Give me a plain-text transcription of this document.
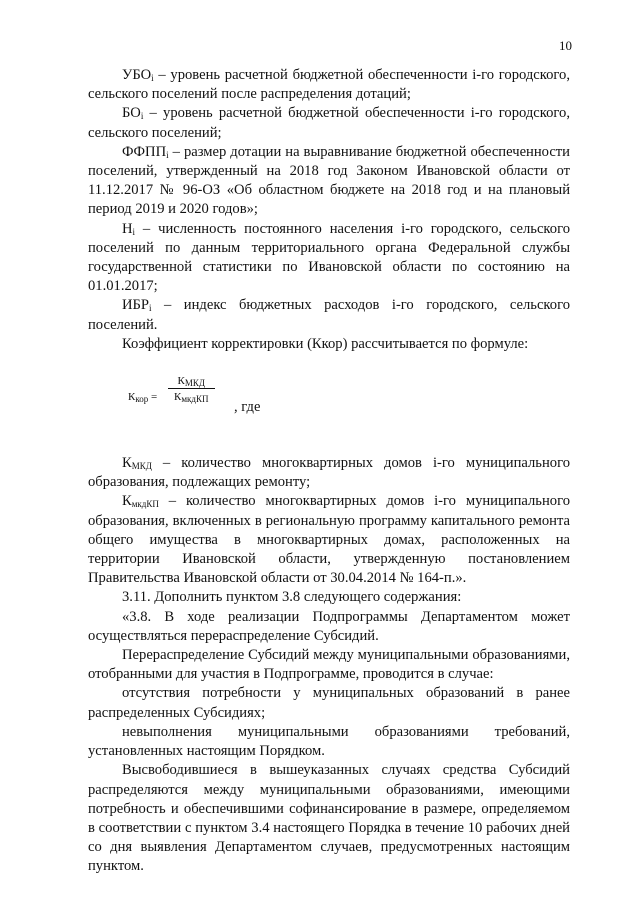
10

$УБО_i$ – уровень расчетной бюджетной обеспеченности i-го городского, сельского поселений после распределения дотаций;

$БО_i$ – уровень расчетной бюджетной обеспеченности i-го городского, сельского поселений;

$ФФПП_i$ – размер дотации на выравнивание бюджетной обеспеченности поселений, утвержденный на 2018 год Законом Ивановской области от 11.12.2017 № 96-ОЗ «Об областном бюджете на 2018 год и на плановый период 2019 и 2020 годов»;

$Н_i$ – численность постоянного населения i-го городского, сельского поселений по данным территориального органа Федеральной службы государственной статистики по Ивановской области по состоянию на 01.01.2017;

$ИБР_i$ – индекс бюджетных расходов i-го городского, сельского поселений.

Коэффициент корректировки (Ккор) рассчитывается по формуле:

$К_{кор}$ =
$К_{МКД}$
$К_{мкдКП}$	, где

$К_{МКД}$ – количество многоквартирных домов i-го муниципального образования, подлежащих ремонту;

$К_{мкдКП}$ – количество многоквартирных домов i-го муниципального образования, включенных в региональную программу капитального ремонта общего имущества в многоквартирных домах, расположенных на территории Ивановской области, утвержденную постановлением Правительства Ивановской области от 30.04.2014 № 164-п.».

3.11. Дополнить пунктом 3.8 следующего содержания:

«3.8. В ходе реализации Подпрограммы Департаментом может осуществляться перераспределение Субсидий.

Перераспределение Субсидий между муниципальными образованиями, отобранными для участия в Подпрограмме, проводится в случае:

отсутствия потребности у муниципальных образований в ранее распределенных Субсидиях;

невыполнения муниципальными образованиями требований, установленных настоящим Порядком.

Высвободившиеся в вышеуказанных случаях средства Субсидий распределяются между муниципальными образованиями, имеющими потребность и обеспечившими софинансирование в размере, определяемом в соответствии с пунктом 3.4 настоящего Порядка в течение 10 рабочих дней со дня выявления Департаментом случаев, предусмотренных настоящим пунктом.
